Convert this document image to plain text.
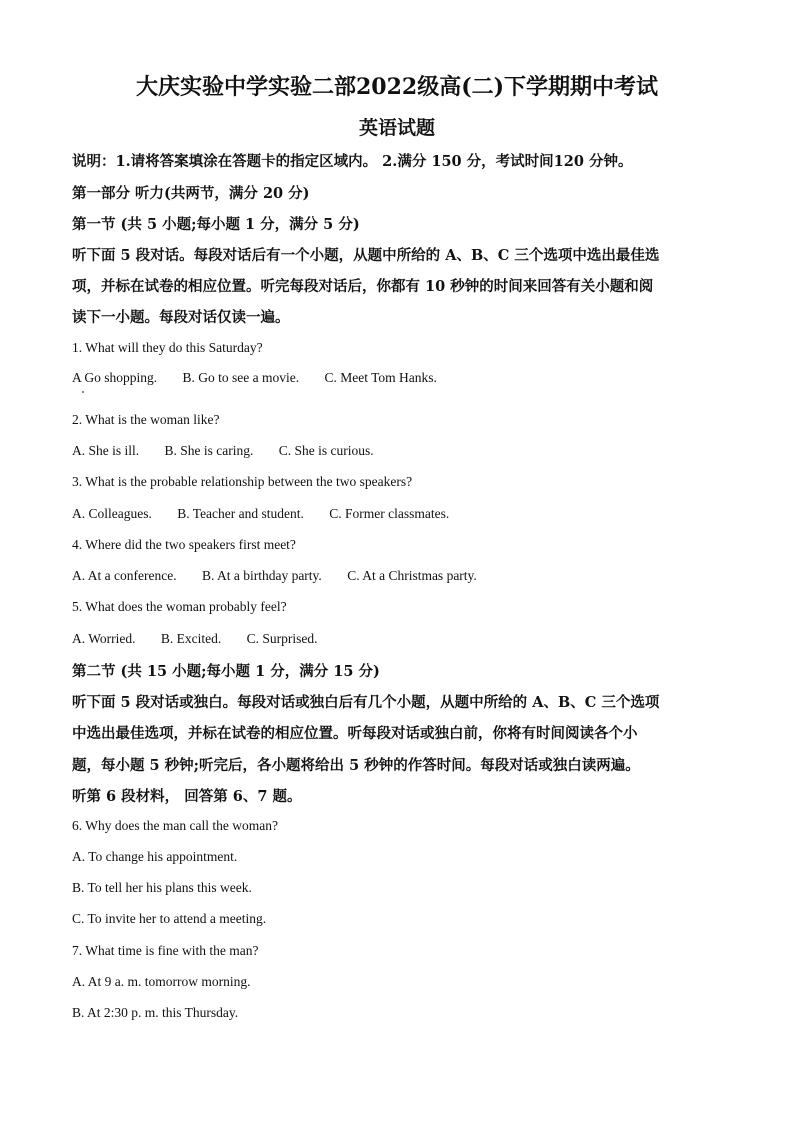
大庆实验中学实验二部2022级高(二)下学期期中考试
英语试题
说明：1.请将答案填涂在答题卡的指定区域内。 2.满分 150 分，考试时间120 分钟。
第一部分 听力(共两节，满分 20 分)
第一节 (共 5 小题;每小题 1 分，满分 5 分)
听下面 5 段对话。每段对话后有一个小题，从题中所给的 A、B、C 三个选项中选出最佳选
项，并标在试卷的相应位置。听完每段对话后，你都有 10 秒钟的时间来回答有关小题和阅
读下一小题。每段对话仅读一遍。
1. What will they do this Saturday?
A Go shopping. B. Go to see a movie. C. Meet Tom Hanks.
2. What is the woman like?
A. She is ill. B. She is caring. C. She is curious.
3. What is the probable relationship between the two speakers?
A. Colleagues. B. Teacher and student. C. Former classmates.
4. Where did the two speakers first meet?
A. At a conference. B. At a birthday party. C. At a Christmas party.
5. What does the woman probably feel?
A. Worried. B. Excited. C. Surprised.
第二节 (共 15 小题;每小题 1 分，满分 15 分)
听下面 5 段对话或独白。每段对话或独白后有几个小题，从题中所给的 A、B、C 三个选项
中选出最佳选项，并标在试卷的相应位置。听每段对话或独白前，你将有时间阅读各个小
题，每小题 5 秒钟;听完后，各小题将给出 5 秒钟的作答时间。每段对话或独白读两遍。
听第 6 段材料， 回答第 6、7 题。
6. Why does the man call the woman?
A. To change his appointment.
B. To tell her his plans this week.
C. To invite her to attend a meeting.
7. What time is fine with the man?
A. At 9 a. m. tomorrow morning.
B. At 2:30 p. m. this Thursday.
